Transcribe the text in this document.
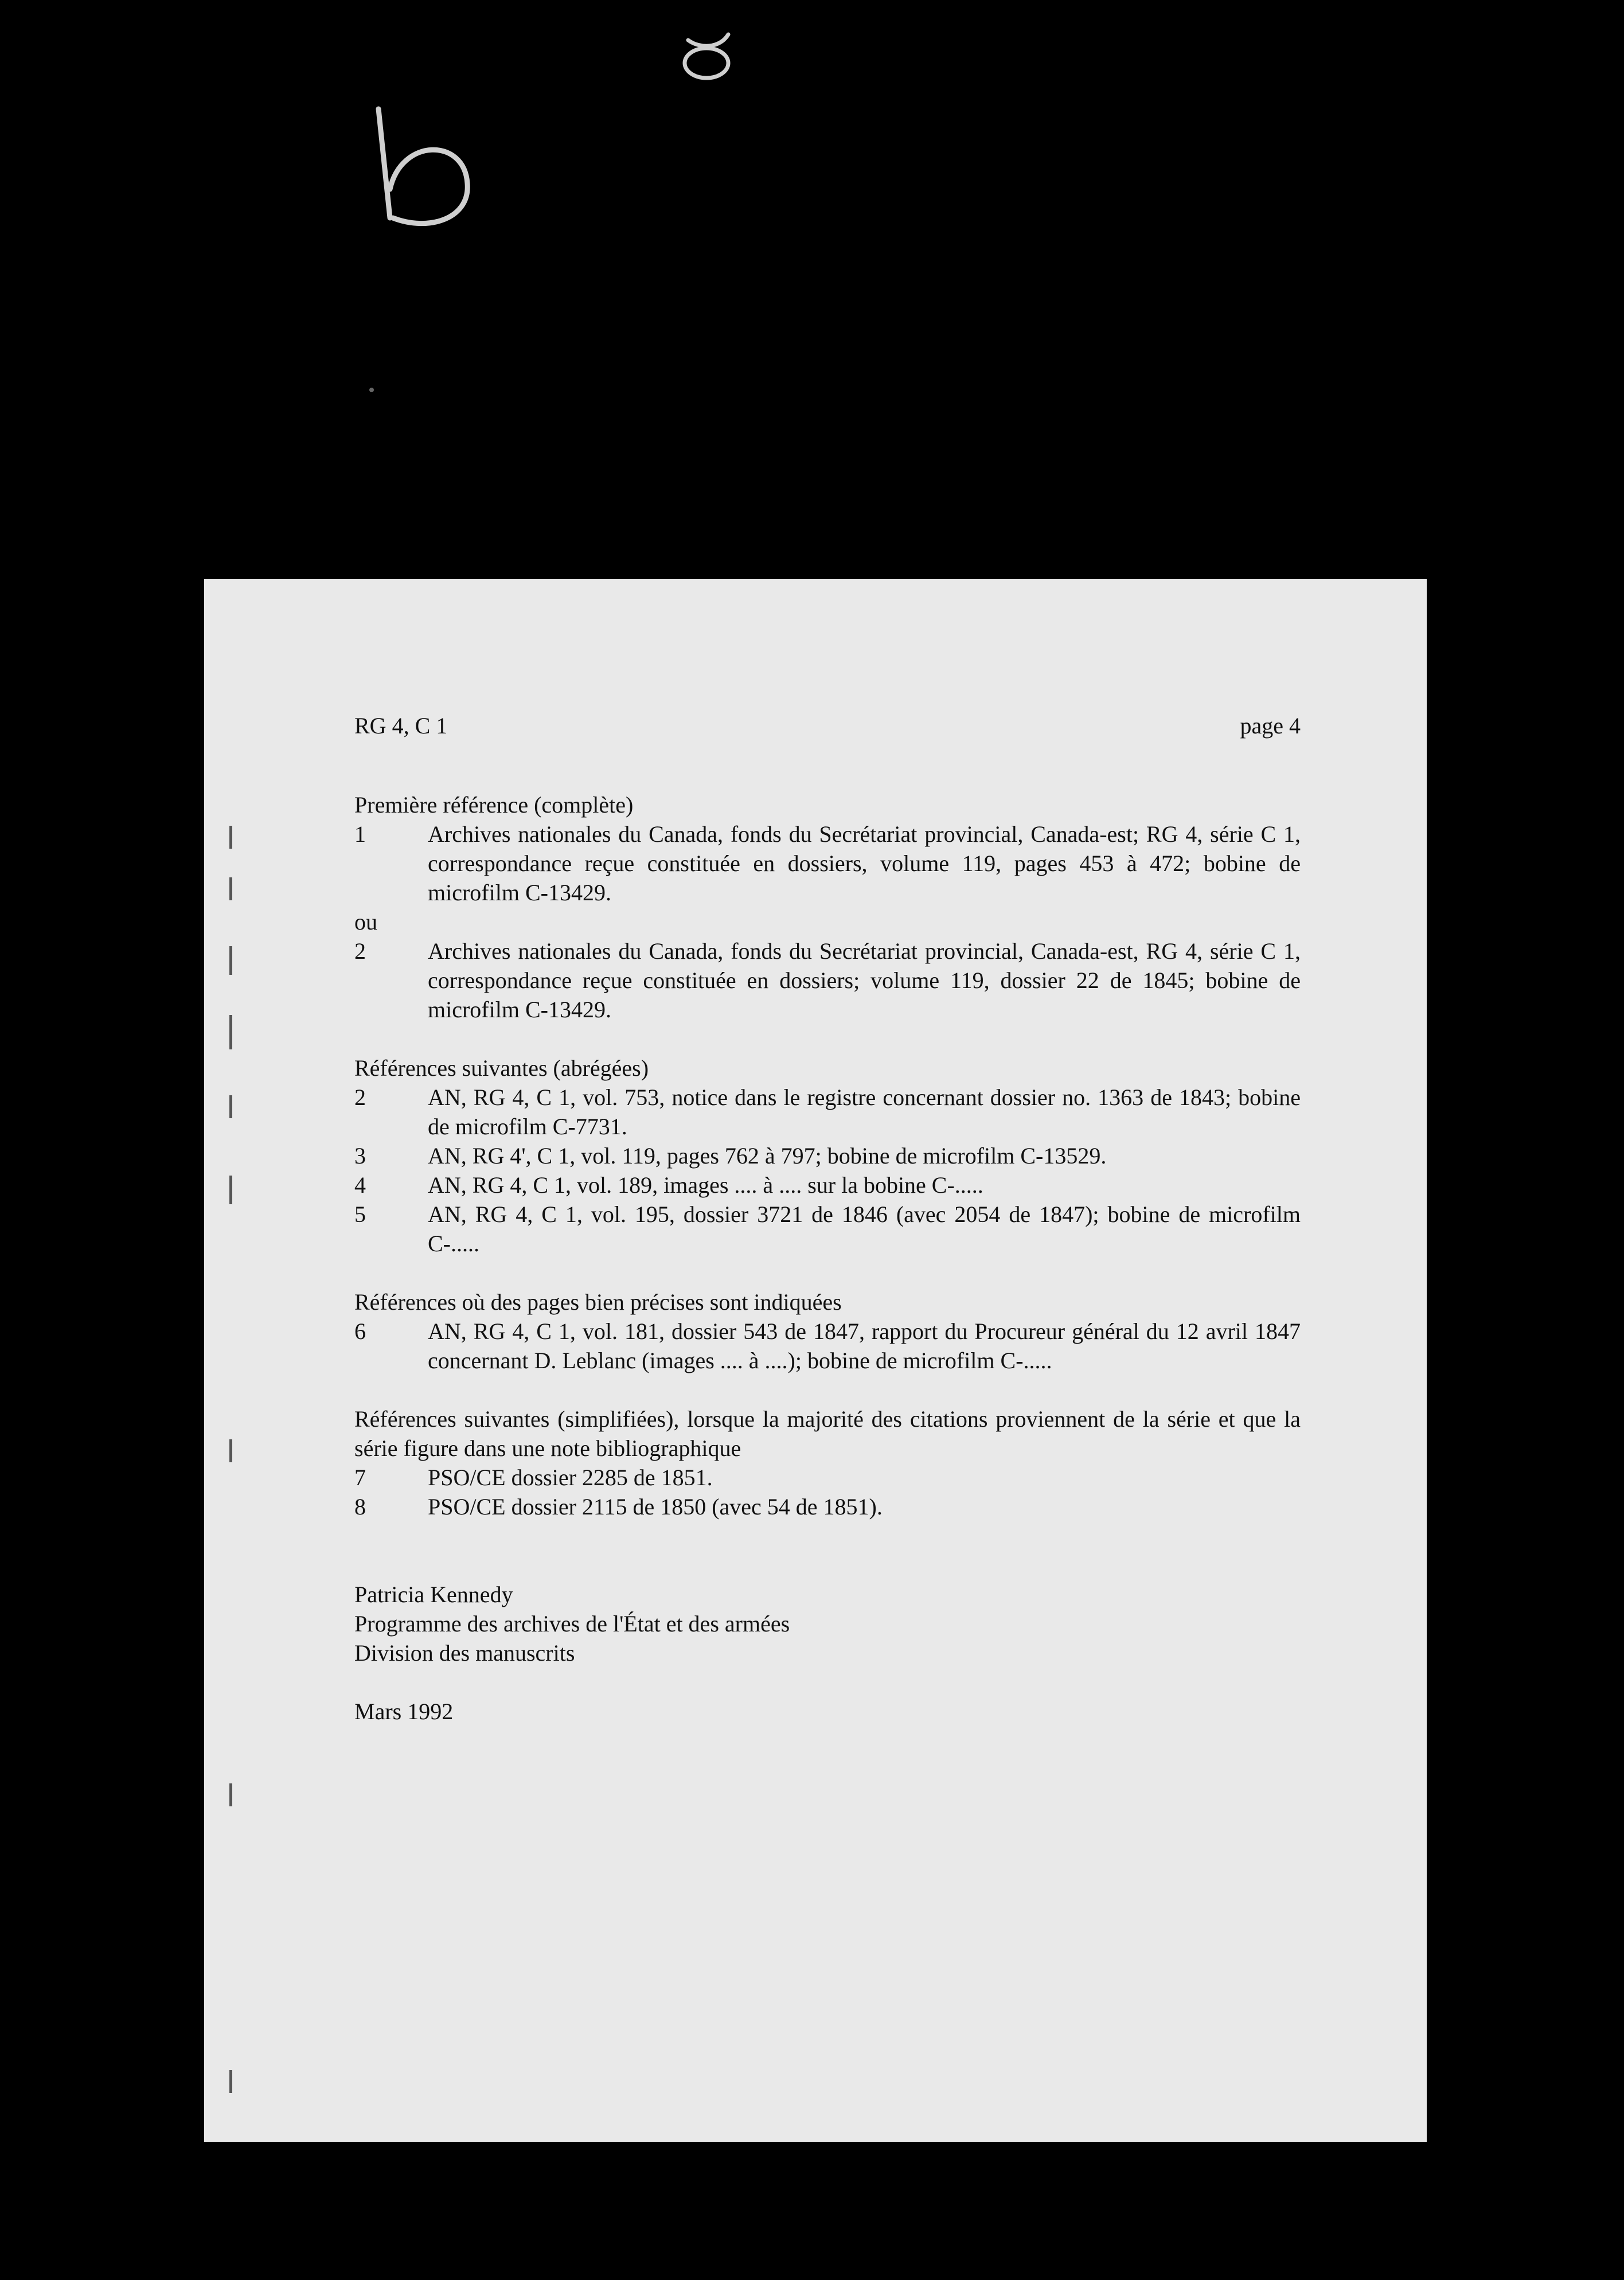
RG 4, C 1	page 4

Première référence (complète)

1	Archives nationales du Canada, fonds du Secrétariat provincial, Canada-est; RG 4, série C 1, correspondance reçue constituée en dossiers, volume 119, pages 453 à 472; bobine de microfilm C-13429.

ou

2	Archives nationales du Canada, fonds du Secrétariat provincial, Canada-est, RG 4, série C 1, correspondance reçue constituée en dossiers; volume 119, dossier 22 de 1845; bobine de microfilm C-13429.

Références suivantes (abrégées)

2	AN, RG 4, C 1, vol. 753, notice dans le registre concernant dossier no. 1363 de 1843; bobine de microfilm C-7731.
3	AN, RG 4', C 1, vol. 119, pages 762 à 797; bobine de microfilm C-13529.
4	AN, RG 4, C 1, vol. 189, images .... à .... sur la bobine C-.....
5	AN, RG 4, C 1, vol. 195, dossier 3721 de 1846 (avec 2054 de 1847); bobine de microfilm C-.....

Références où des pages bien précises sont indiquées

6	AN, RG 4, C 1, vol. 181, dossier 543 de 1847, rapport du Procureur général du 12 avril 1847 concernant D. Leblanc (images .... à ....); bobine de microfilm C-.....

Références suivantes (simplifiées), lorsque la majorité des citations proviennent de la série et que la série figure dans une note bibliographique

7	PSO/CE dossier 2285 de 1851.
8	PSO/CE dossier 2115 de 1850 (avec 54 de 1851).

Patricia Kennedy

Programme des archives de l'État et des armées

Division des manuscrits

Mars 1992
